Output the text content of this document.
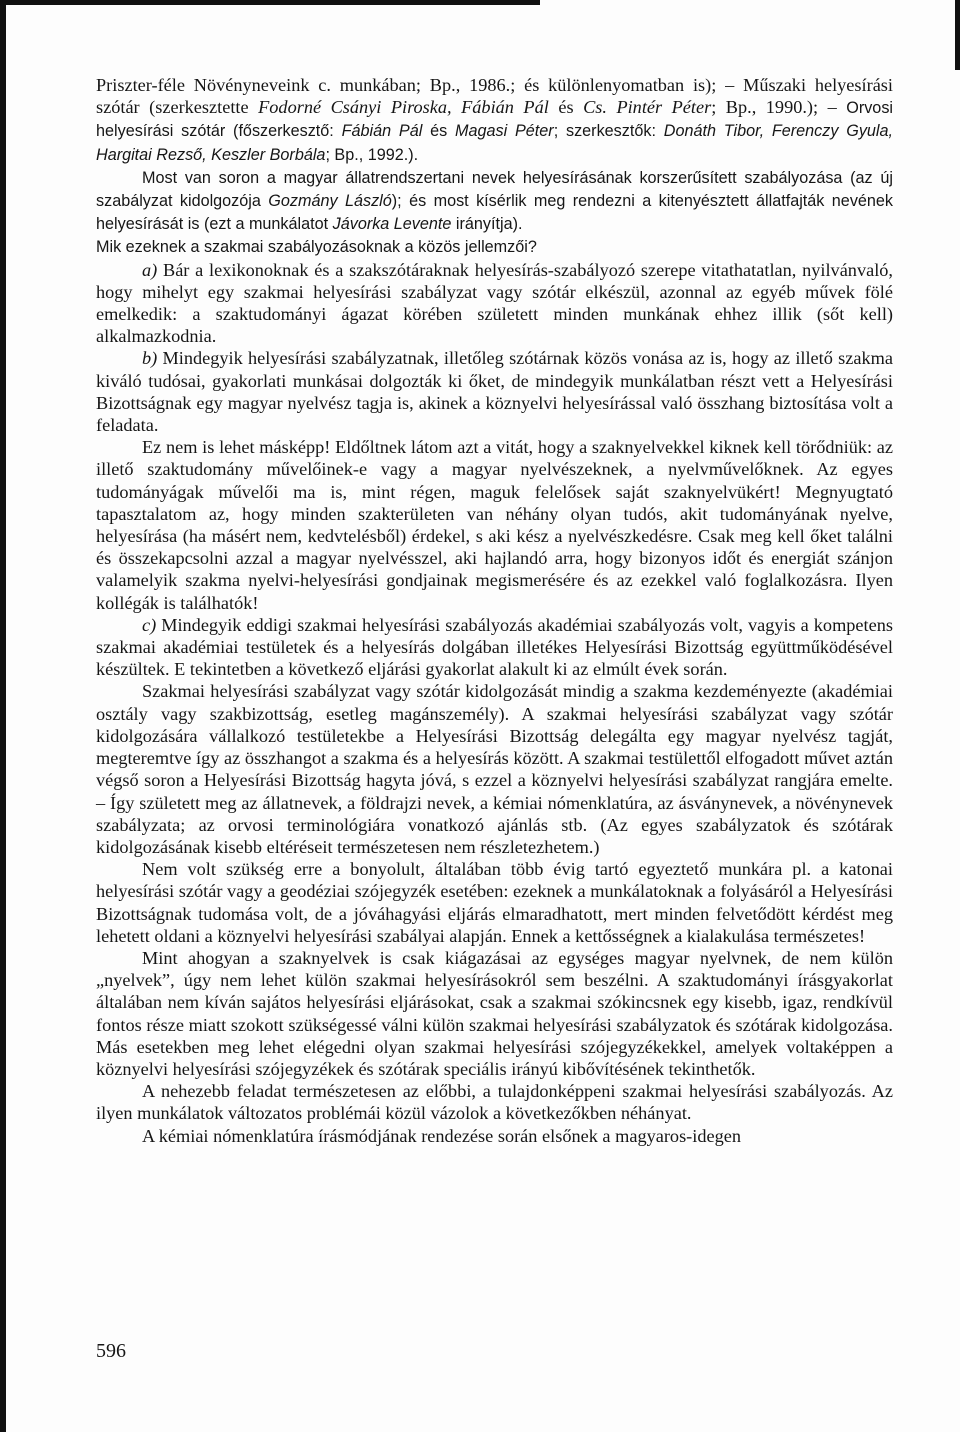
Priszter-féle Növényneveink c. munkában; Bp., 1986.; és különlenyomatban is); – Műszaki helyesírási szótár (szerkesztette Fodorné Csányi Piroska, Fábián Pál és Cs. Pintér Péter; Bp., 1990.); – Orvosi helyesírási szótár (főszerkesztő: Fábián Pál és Magasi Péter; szerkesztők: Donáth Tibor, Ferenczy Gyula, Hargitai Rezső, Keszler Borbála; Bp., 1992.).

Most van soron a magyar állatrendszertani nevek helyesírásának korszerűsített szabályozása (az új szabályzat kidolgozója Gozmány László); és most kísérlik meg rendezni a kitenyésztett állatfajták nevének helyesírását is (ezt a munkálatot Jávorka Levente irányítja).

Mik ezeknek a szakmai szabályozásoknak a közös jellemzői?

a) Bár a lexikonoknak és a szakszótáraknak helyesírás-szabályozó szerepe vitathatatlan, nyilvánvaló, hogy mihelyt egy szakmai helyesírási szabályzat vagy szótár elkészül, azonnal az egyéb művek fölé emelkedik: a szaktudományi ágazat körében született minden munkának ehhez illik (sőt kell) alkalmazkodnia.

b) Mindegyik helyesírási szabályzatnak, illetőleg szótárnak közös vonása az is, hogy az illető szakma kiváló tudósai, gyakorlati munkásai dolgozták ki őket, de mindegyik munkálatban részt vett a Helyesírási Bizottságnak egy magyar nyelvész tagja is, akinek a köznyelvi helyesírással való összhang biztosítása volt a feladata.

Ez nem is lehet másképp! Eldőltnek látom azt a vitát, hogy a szaknyelvekkel kiknek kell törődniük: az illető szaktudomány művelőinek-e vagy a magyar nyelvészeknek, a nyelvművelőknek. Az egyes tudományágak művelői ma is, mint régen, maguk felelősek saját szaknyelvükért! Megnyugtató tapasztalatom az, hogy minden szakterületen van néhány olyan tudós, akit tudományának nyelve, helyesírása (ha másért nem, kedvtelésből) érdekel, s aki kész a nyelvészkedésre. Csak meg kell őket találni és összekapcsolni azzal a magyar nyelvésszel, aki hajlandó arra, hogy bizonyos időt és energiát szánjon valamelyik szakma nyelvi-helyesírási gondjainak megismerésére és az ezekkel való foglalkozásra. Ilyen kollégák is találhatók!

c) Mindegyik eddigi szakmai helyesírási szabályozás akadémiai szabályozás volt, vagyis a kompetens szakmai akadémiai testületek és a helyesírás dolgában illetékes Helyesírási Bizottság együttműködésével készültek. E tekintetben a következő eljárási gyakorlat alakult ki az elmúlt évek során.

Szakmai helyesírási szabályzat vagy szótár kidolgozását mindig a szakma kezdeményezte (akadémiai osztály vagy szakbizottság, esetleg magánszemély). A szakmai helyesírási szabályzat vagy szótár kidolgozására vállalkozó testületekbe a Helyesírási Bizottság delegálta egy magyar nyelvész tagját, megteremtve így az összhangot a szakma és a helyesírás között. A szakmai testülettől elfogadott művet aztán végső soron a Helyesírási Bizottság hagyta jóvá, s ezzel a köznyelvi helyesírási szabályzat rangjára emelte. – Így született meg az állatnevek, a földrajzi nevek, a kémiai nómenklatúra, az ásványnevek, a növénynevek szabályzata; az orvosi terminológiára vonatkozó ajánlás stb. (Az egyes szabályzatok és szótárak kidolgozásának kisebb eltéréseit természetesen nem részletezhetem.)

Nem volt szükség erre a bonyolult, általában több évig tartó egyeztető munkára pl. a katonai helyesírási szótár vagy a geodéziai szójegyzék esetében: ezeknek a munkálatoknak a folyásáról a Helyesírási Bizottságnak tudomása volt, de a jóváhagyási eljárás elmaradhatott, mert minden felvetődött kérdést meg lehetett oldani a köznyelvi helyesírási szabályai alapján. Ennek a kettősségnek a kialakulása természetes!

Mint ahogyan a szaknyelvek is csak kiágazásai az egységes magyar nyelvnek, de nem külön „nyelvek”, úgy nem lehet külön szakmai helyesírásokról sem beszélni. A szaktudományi írásgyakorlat általában nem kíván sajátos helyesírási eljárásokat, csak a szakmai szókincsnek egy kisebb, igaz, rendkívül fontos része miatt szokott szükségessé válni külön szakmai helyesírási szabályzatok és szótárak kidolgozása. Más esetekben meg lehet elégedni olyan szakmai helyesírási szójegyzékekkel, amelyek voltaképpen a köznyelvi helyesírási szójegyzékek és szótárak speciális irányú kibővítésének tekinthetők.

A nehezebb feladat természetesen az előbbi, a tulajdonképpeni szakmai helyesírási szabályozás. Az ilyen munkálatok változatos problémái közül vázolok a következőkben néhányat.

A kémiai nómenklatúra írásmódjának rendezése során elsőnek a magyaros-idegen

596
